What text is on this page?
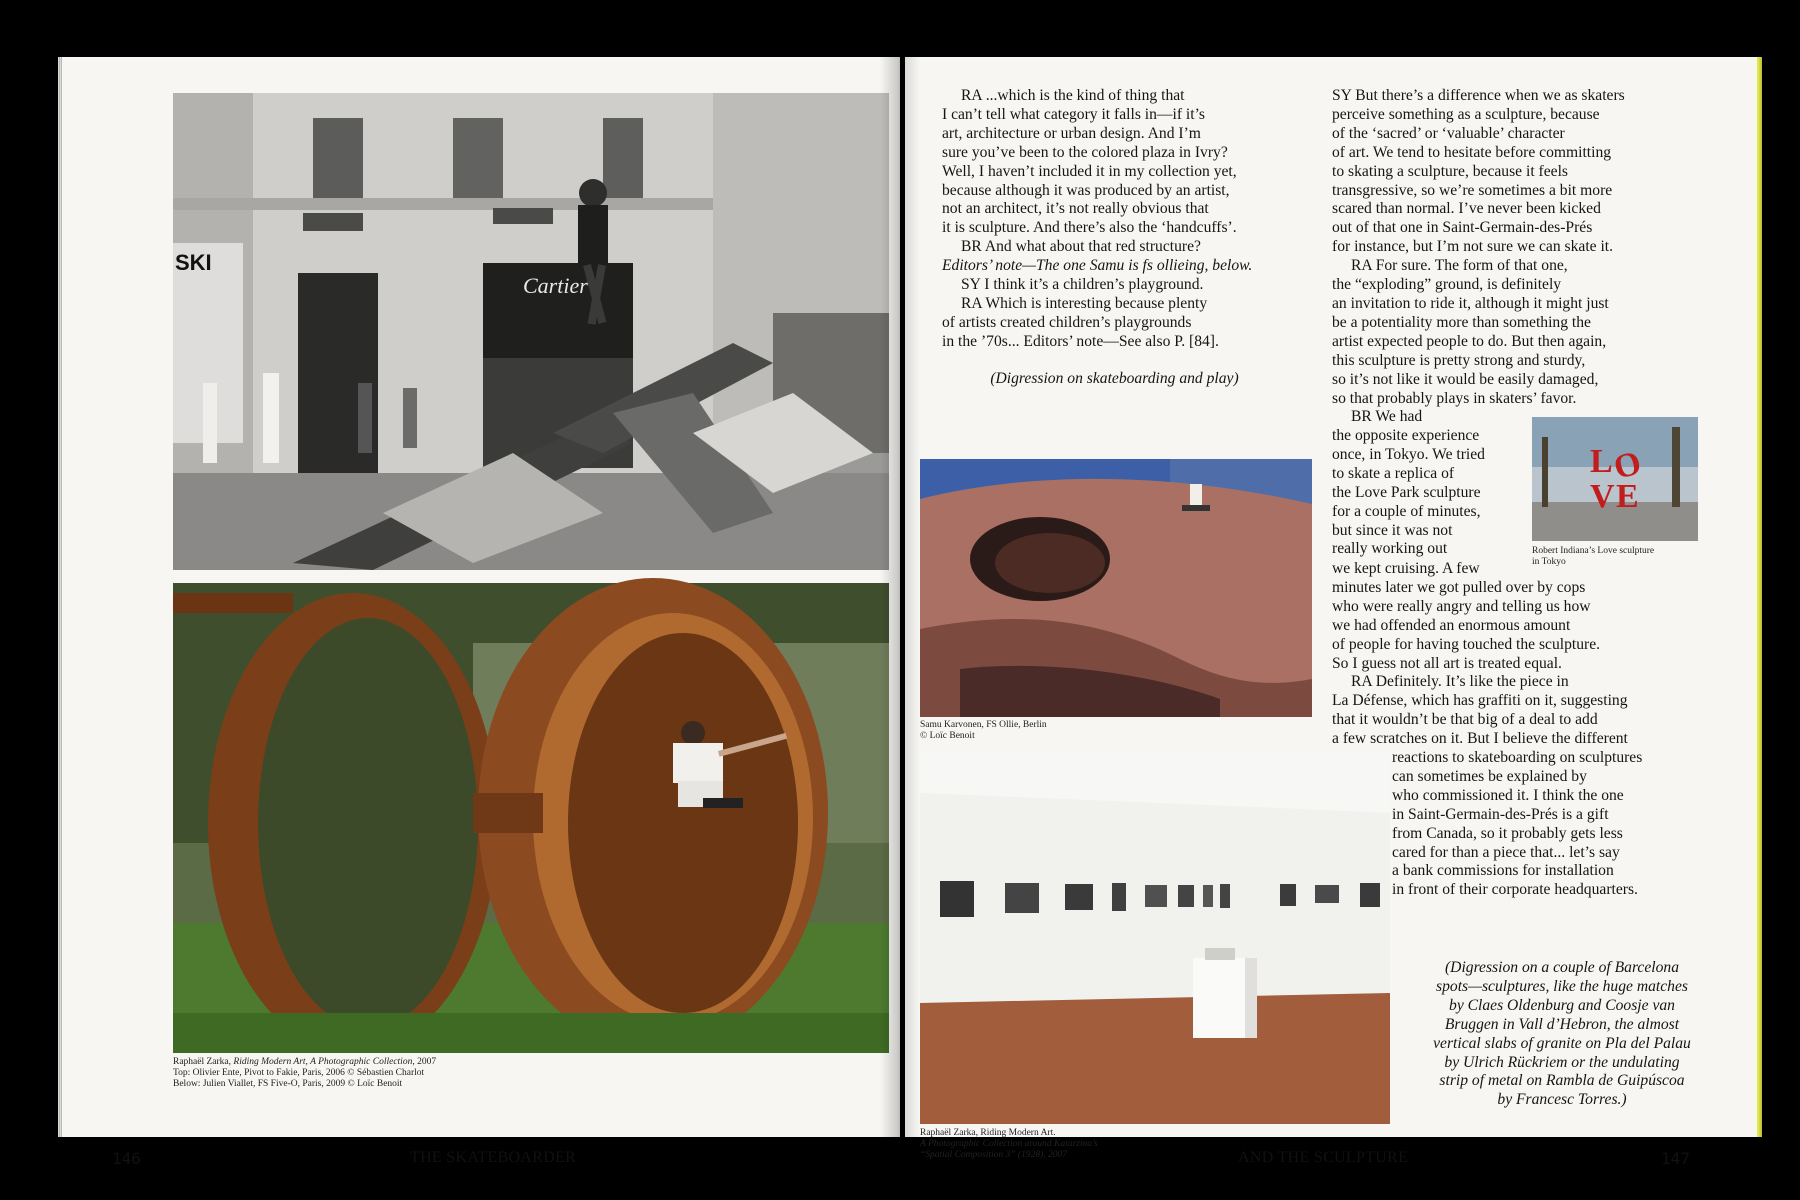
SKI
Cartier
Raphaël Zarka, Riding Modern Art, A Photographic Collection, 2007
Top: Olivier Ente, Pivot to Fakie, Paris, 2006 © Sébastien Charlot
Below: Julien Viallet, FS Five-O, Paris, 2009 © Loïc Benoit
146	THE SKATEBOARDER

RA ...which is the kind of thing that

I can’t tell what category it falls in—if it’s

art, architecture or urban design. And I’m

sure you’ve been to the colored plaza in Ivry?

Well, I haven’t included it in my collection yet,

because although it was produced by an artist,

not an architect, it’s not really obvious that

it is sculpture. And there’s also the ‘handcuffs’.

BR And what about that red structure?

Editors’ note—The one Samu is fs ollieing, below.

SY I think it’s a children’s playground.

RA Which is interesting because plenty

of artists created children’s playgrounds

in the ’70s... Editors’ note—See also P. [84].

(Digression on skateboarding and play)

Samu Karvonen, FS Ollie, Berlin
© Loïc Benoit
Raphaël Zarka, Riding Modern Art.
A Photographic Collection around Katarzina’s
“Spatial Composition 3” (1928), 2007

SY But there’s a difference when we as skaters

perceive something as a sculpture, because

of the ‘sacred’ or ‘valuable’ character

of art. We tend to hesitate before committing

to skating a sculpture, because it feels

transgressive, so we’re sometimes a bit more

scared than normal. I’ve never been kicked

out of that one in Saint-Germain-des-Prés

for instance, but I’m not sure we can skate it.

RA For sure. The form of that one,

the “exploding” ground, is definitely

an invitation to ride it, although it might just

be a potentiality more than something the

artist expected people to do. But then again,

this sculpture is pretty strong and sturdy,

so it’s not like it would be easily damaged,

so that probably plays in skaters’ favor.

BR We had

the opposite experience

once, in Tokyo. We tried

to skate a replica of

the Love Park sculpture

for a couple of minutes,

but since it was not

really working out

L
O
V E
Robert Indiana’s Love sculpture
in Tokyo

we kept cruising. A few

minutes later we got pulled over by cops

who were really angry and telling us how

we had offended an enormous amount

of people for having touched the sculpture.

So I guess not all art is treated equal.

RA Definitely. It’s like the piece in

La Défense, which has graffiti on it, suggesting

that it wouldn’t be that big of a deal to add

a few scratches on it. But I believe the different

reactions to skateboarding on sculptures

can sometimes be explained by

who commissioned it. I think the one

in Saint-Germain-des-Prés is a gift

from Canada, so it probably gets less

cared for than a piece that... let’s say

a bank commissions for installation

in front of their corporate headquarters.

(Digression on a couple of Barcelona

spots—sculptures, like the huge matches

by Claes Oldenburg and Coosje van

Bruggen in Vall d’Hebron, the almost

vertical slabs of granite on Pla del Palau

by Ulrich Rückriem or the undulating

strip of metal on Rambla de Guipúscoa

by Francesc Torres.)

AND THE SCULPTURE	147
